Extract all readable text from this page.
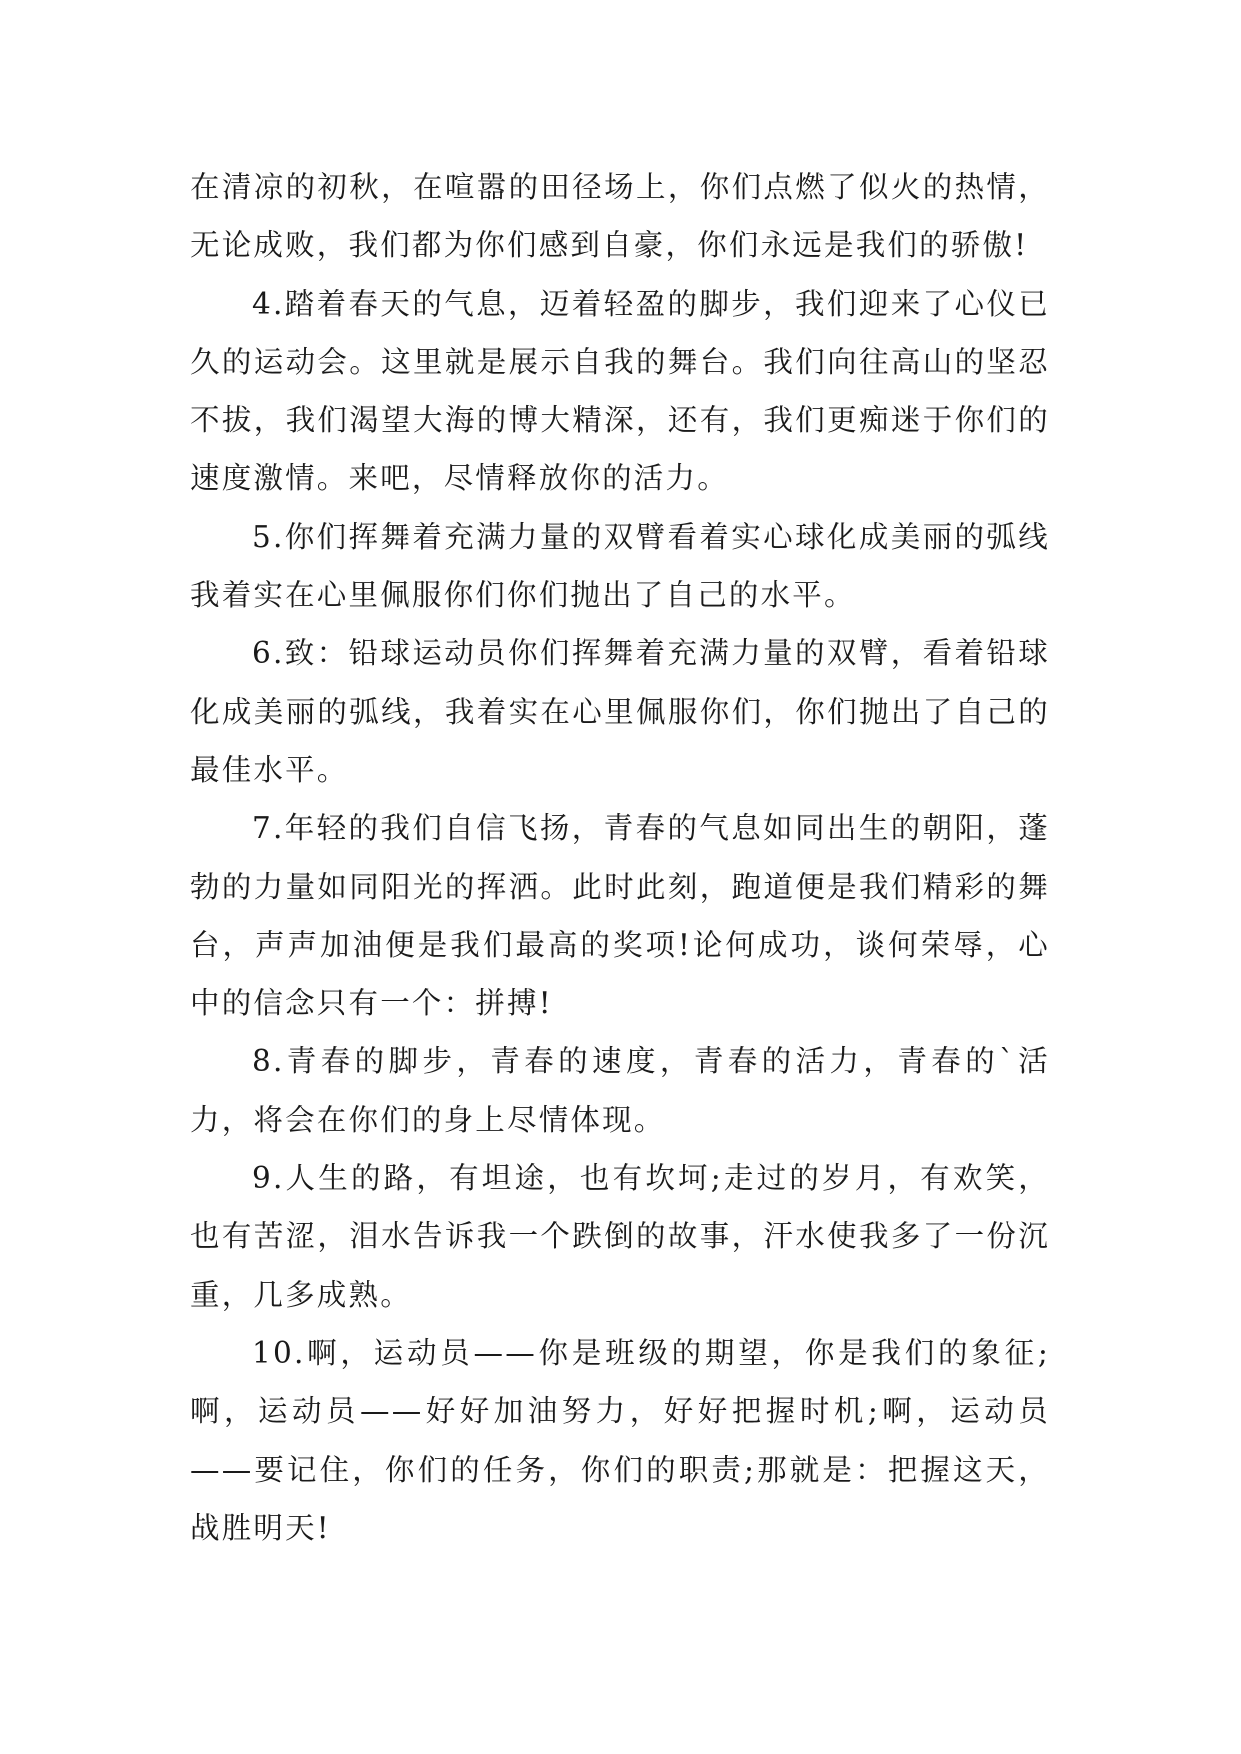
在清凉的初秋，在喧嚣的田径场上，你们点燃了似火的热情，无论成败，我们都为你们感到自豪，你们永远是我们的骄傲!

4.踏着春天的气息，迈着轻盈的脚步，我们迎来了心仪已久的运动会。这里就是展示自我的舞台。我们向往高山的坚忍不拔，我们渴望大海的博大精深，还有，我们更痴迷于你们的速度激情。来吧，尽情释放你的活力。

5.你们挥舞着充满力量的双臂看着实心球化成美丽的弧线我着实在心里佩服你们你们抛出了自己的水平。

6.致：铅球运动员你们挥舞着充满力量的双臂，看着铅球化成美丽的弧线，我着实在心里佩服你们，你们抛出了自己的最佳水平。

7.年轻的我们自信飞扬，青春的气息如同出生的朝阳，蓬勃的力量如同阳光的挥洒。此时此刻，跑道便是我们精彩的舞台，声声加油便是我们最高的奖项!论何成功，谈何荣辱，心中的信念只有一个：拼搏!

8.青春的脚步，青春的速度，青春的活力，青春的`活力，将会在你们的身上尽情体现。

9.人生的路，有坦途，也有坎坷;走过的岁月，有欢笑，也有苦涩，泪水告诉我一个跌倒的故事，汗水使我多了一份沉重，几多成熟。

10.啊，运动员——你是班级的期望，你是我们的象征;啊，运动员——好好加油努力，好好把握时机;啊，运动员——要记住，你们的任务，你们的职责;那就是：把握这天，战胜明天!
